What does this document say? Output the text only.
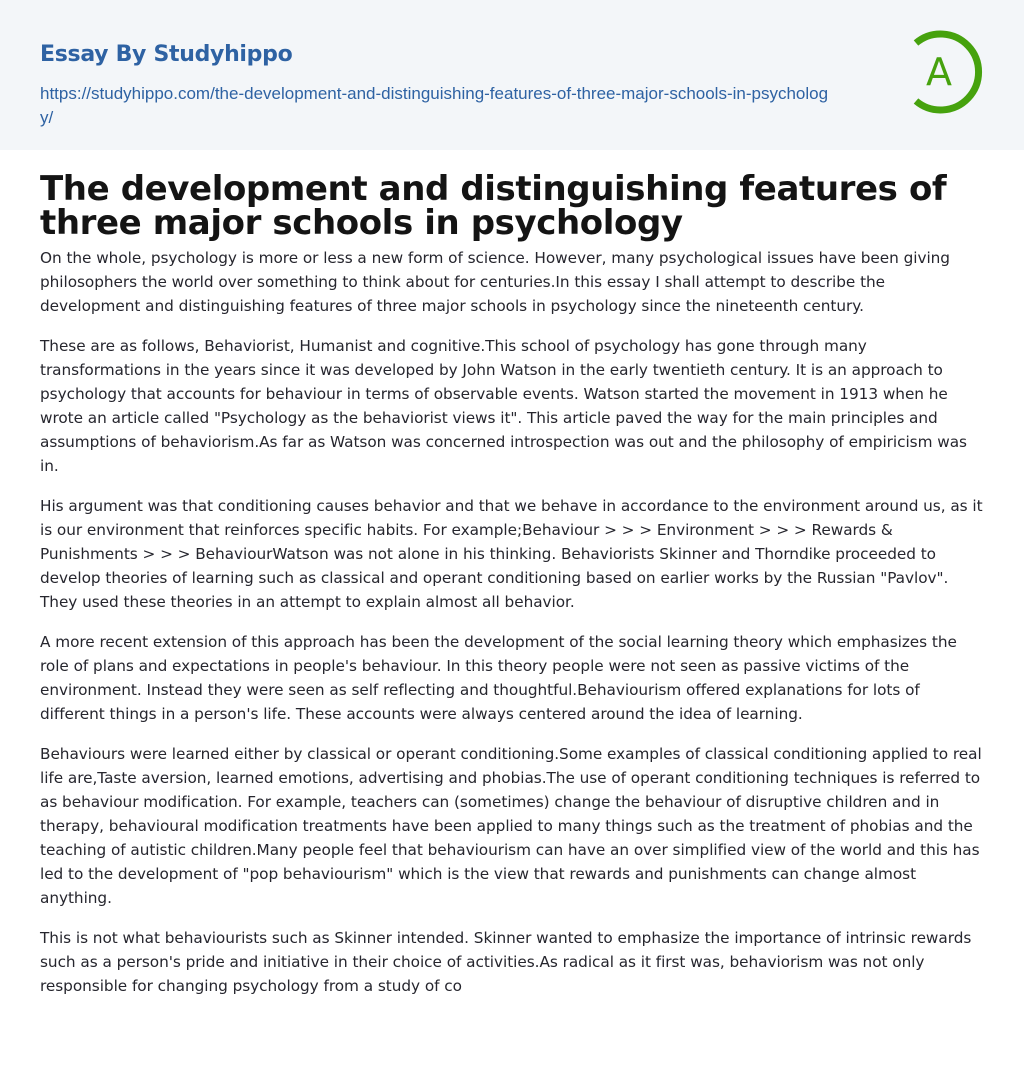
Essay By Studyhippo
https://studyhippo.com/the-development-and-distinguishing-features-of-three-major-schools-in-psychology/
A
The development and distinguishing features of three major schools in psychology

On the whole, psychology is more or less a new form of science. However, many psychological issues have been giving philosophers the world over something to think about for centuries.In this essay I shall attempt to describe the development and distinguishing features of three major schools in psychology since the nineteenth century.

These are as follows, Behaviorist, Humanist and cognitive.This school of psychology has gone through many transformations in the years since it was developed by John Watson in the early twentieth century. It is an approach to psychology that accounts for behaviour in terms of observable events. Watson started the movement in 1913 when he wrote an article called "Psychology as the behaviorist views it". This article paved the way for the main principles and assumptions of behaviorism.As far as Watson was concerned introspection was out and the philosophy of empiricism was in.

His argument was that conditioning causes behavior and that we behave in accordance to the environment around us, as it is our environment that reinforces specific habits. For example;Behaviour > > > Environment > > > Rewards & Punishments > > > BehaviourWatson was not alone in his thinking. Behaviorists Skinner and Thorndike proceeded to develop theories of learning such as classical and operant conditioning based on earlier works by the Russian "Pavlov". They used these theories in an attempt to explain almost all behavior.

A more recent extension of this approach has been the development of the social learning theory which emphasizes the role of plans and expectations in people's behaviour. In this theory people were not seen as passive victims of the environment. Instead they were seen as self reflecting and thoughtful.Behaviourism offered explanations for lots of different things in a person's life. These accounts were always centered around the idea of learning.

Behaviours were learned either by classical or operant conditioning.Some examples of classical conditioning applied to real life are,Taste aversion, learned emotions, advertising and phobias.The use of operant conditioning techniques is referred to as behaviour modification. For example, teachers can (sometimes) change the behaviour of disruptive children and in therapy, behavioural modification treatments have been applied to many things such as the treatment of phobias and the teaching of autistic children.Many people feel that behaviourism can have an over simplified view of the world and this has led to the development of "pop behaviourism" which is the view that rewards and punishments can change almost anything.

This is not what behaviourists such as Skinner intended. Skinner wanted to emphasize the importance of intrinsic rewards such as a person's pride and initiative in their choice of activities.As radical as it first was, behaviorism was not only responsible for changing psychology from a study of co
